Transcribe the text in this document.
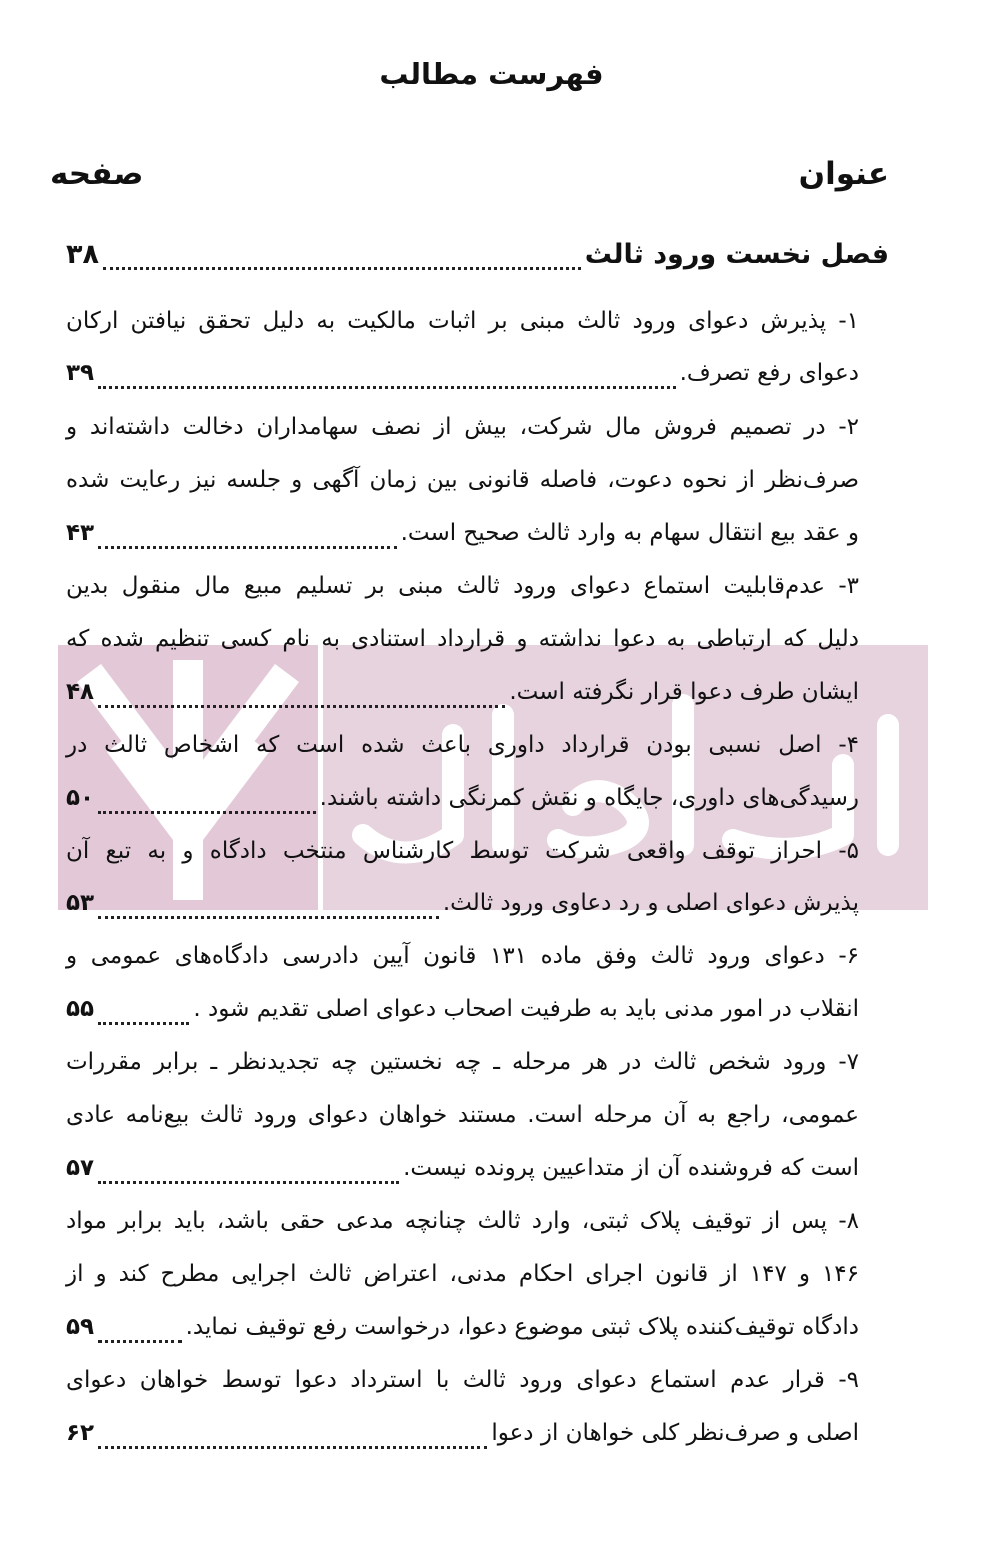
فهرست مطالب
عنوان
صفحه
فصل نخست ورود ثالث
۳۸
۱- پذیرش دعوای ورود ثالث مبنی بر اثبات مالکیت به دلیل تحقق نیافتن ارکان
دعوای رفع تصرف.
۳۹
۲- در تصمیم فروش مال شرکت، بیش از نصف سهامداران دخالت داشته‌اند و
صرف‌نظر از نحوه دعوت، فاصله قانونی بین زمان آگهی و جلسه نیز رعایت شده
و عقد بیع انتقال سهام به وارد ثالث صحیح است.
۴۳
۳- عدم‌قابلیت استماع دعوای ورود ثالث مبنی بر تسلیم مبیع مال منقول بدین
دلیل که ارتباطی به دعوا نداشته و قرارداد استنادی به نام کسی تنظیم شده که
ایشان طرف دعوا قرار نگرفته است.
۴۸
۴- اصل نسبی بودن قرارداد داوری باعث شده است که اشخاص ثالث در
رسیدگی‌های داوری، جایگاه و نقش کمرنگی داشته باشند.
۵۰
۵- احراز توقف واقعی شرکت توسط کارشناس منتخب دادگاه و به تبع آن
پذیرش دعوای اصلی و رد دعاوی ورود ثالث.
۵۳
۶- دعوای ورود ثالث وفق ماده ۱۳۱ قانون آیین دادرسی دادگاه‌های عمومی و
انقلاب در امور مدنی باید به طرفیت اصحاب دعوای اصلی تقدیم شود .
۵۵
۷- ورود شخص ثالث در هر مرحله ـ چه نخستین چه تجدیدنظر ـ برابر مقررات
عمومی، راجع به آن مرحله است. مستند خواهان دعوای ورود ثالث بیع‌نامه عادی
است که فروشنده آن از متداعیین پرونده نیست.
۵۷
۸- پس از توقیف پلاک ثبتی، وارد ثالث چنانچه مدعی حقی باشد، باید برابر مواد
۱۴۶ و ۱۴۷ از قانون اجرای احکام مدنی، اعتراض ثالث اجرایی مطرح کند و از
دادگاه توقیف‌کننده پلاک ثبتی موضوع دعوا، درخواست رفع توقیف نماید.
۵۹
۹- قرار عدم استماع دعوای ورود ثالث با استرداد دعوا توسط خواهان دعوای
اصلی و صرف‌نظر کلی خواهان از دعوا
۶۲
